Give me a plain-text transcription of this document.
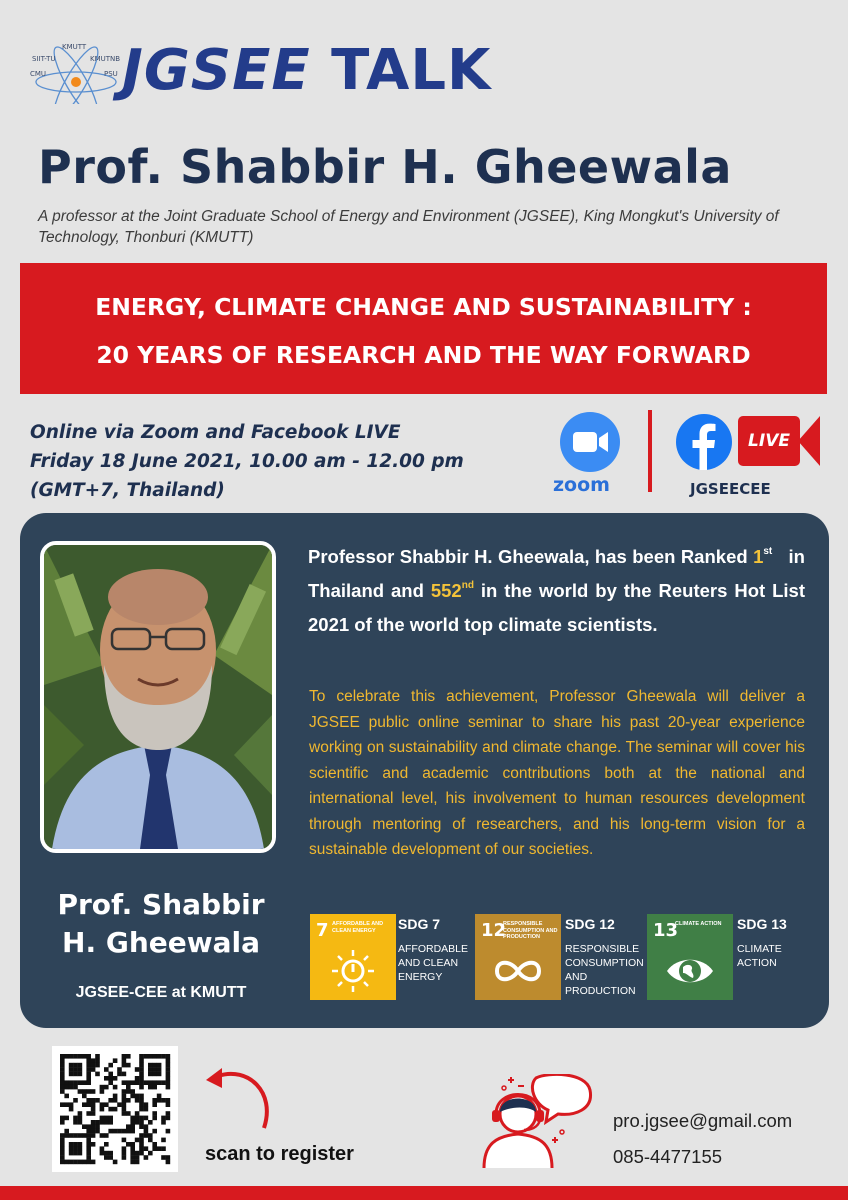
KMUTT
SIIT-TU	KMUTNB
CMU	PSU JGSEE TALK
Prof. Shabbir H. Gheewala
A professor at the Joint Graduate School of Energy and Environment (JGSEE), King Mongkut's University of Technology, Thonburi (KMUTT)
ENERGY, CLIMATE CHANGE AND SUSTAINABILITY :
20 YEARS OF RESEARCH AND THE WAY FORWARD
Online via Zoom and Facebook LIVE
Friday 18 June 2021, 10.00 am - 12.00 pm
(GMT+7, Thailand)	zoom
LIVE
JGSEECEE
Prof. Shabbir
H. Gheewala
JGSEE-CEE at KMUTT
Professor Shabbir H. Gheewala, has been Ranked 1st in Thailand and 552nd in the world by the Reuters Hot List 2021 of the world top climate scientists.
To celebrate this achievement, Professor Gheewala will deliver a JGSEE public online seminar to share his past 20-year experience working on sustainability and climate change. The seminar will cover his scientific and academic contributions both at the national and international level, his involvement to human resources development through mentoring of researchers, and his long-term vision for a sustainable development of our societies.
7 AFFORDABLE AND CLEAN ENERGY	SDG 7
AFFORDABLE
AND CLEAN
ENERGY
12
RESPONSIBLE CONSUMPTION AND PRODUCTION
SDG 12
RESPONSIBLE
CONSUMPTION
AND
PRODUCTION
13
CLIMATE ACTION	SDG 13
CLIMATE
ACTION
scan to register
pro.jgsee@gmail.com
085-4477155
